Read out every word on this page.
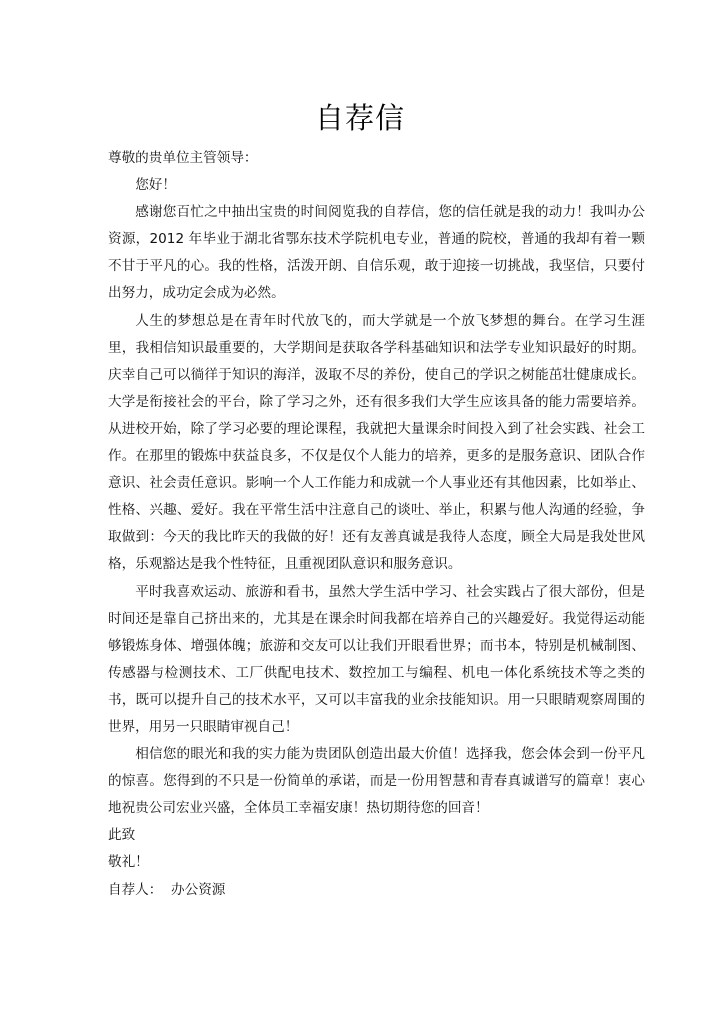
自荐信

尊敬的贵单位主管领导：

您好！

感谢您百忙之中抽出宝贵的时间阅览我的自荐信，您的信任就是我的动力！我叫办公资源，2012 年毕业于湖北省鄂东技术学院机电专业，普通的院校，普通的我却有着一颗不甘于平凡的心。我的性格，活泼开朗、自信乐观，敢于迎接一切挑战，我坚信，只要付出努力，成功定会成为必然。

人生的梦想总是在青年时代放飞的，而大学就是一个放飞梦想的舞台。在学习生涯里，我相信知识最重要的，大学期间是获取各学科基础知识和法学专业知识最好的时期。庆幸自己可以徜徉于知识的海洋，汲取不尽的养份，使自己的学识之树能茁壮健康成长。大学是衔接社会的平台，除了学习之外，还有很多我们大学生应该具备的能力需要培养。从进校开始，除了学习必要的理论课程，我就把大量课余时间投入到了社会实践、社会工作。在那里的锻炼中获益良多，不仅是仅个人能力的培养，更多的是服务意识、团队合作意识、社会责任意识。影响一个人工作能力和成就一个人事业还有其他因素，比如举止、性格、兴趣、爱好。我在平常生活中注意自己的谈吐、举止，积累与他人沟通的经验，争取做到：今天的我比昨天的我做的好！还有友善真诚是我待人态度，顾全大局是我处世风格，乐观豁达是我个性特征，且重视团队意识和服务意识。

平时我喜欢运动、旅游和看书，虽然大学生活中学习、社会实践占了很大部份，但是时间还是靠自己挤出来的，尤其是在课余时间我都在培养自己的兴趣爱好。我觉得运动能够锻炼身体、增强体魄；旅游和交友可以让我们开眼看世界；而书本，特别是机械制图、传感器与检测技术、工厂供配电技术、数控加工与编程、机电一体化系统技术等之类的书，既可以提升自己的技术水平，又可以丰富我的业余技能知识。用一只眼睛观察周围的世界，用另一只眼睛审视自己！

相信您的眼光和我的实力能为贵团队创造出最大价值！选择我，您会体会到一份平凡的惊喜。您得到的不只是一份简单的承诺，而是一份用智慧和青春真诚谱写的篇章！衷心地祝贵公司宏业兴盛，全体员工幸福安康！热切期待您的回音！

此致

敬礼！

自荐人：  办公资源
